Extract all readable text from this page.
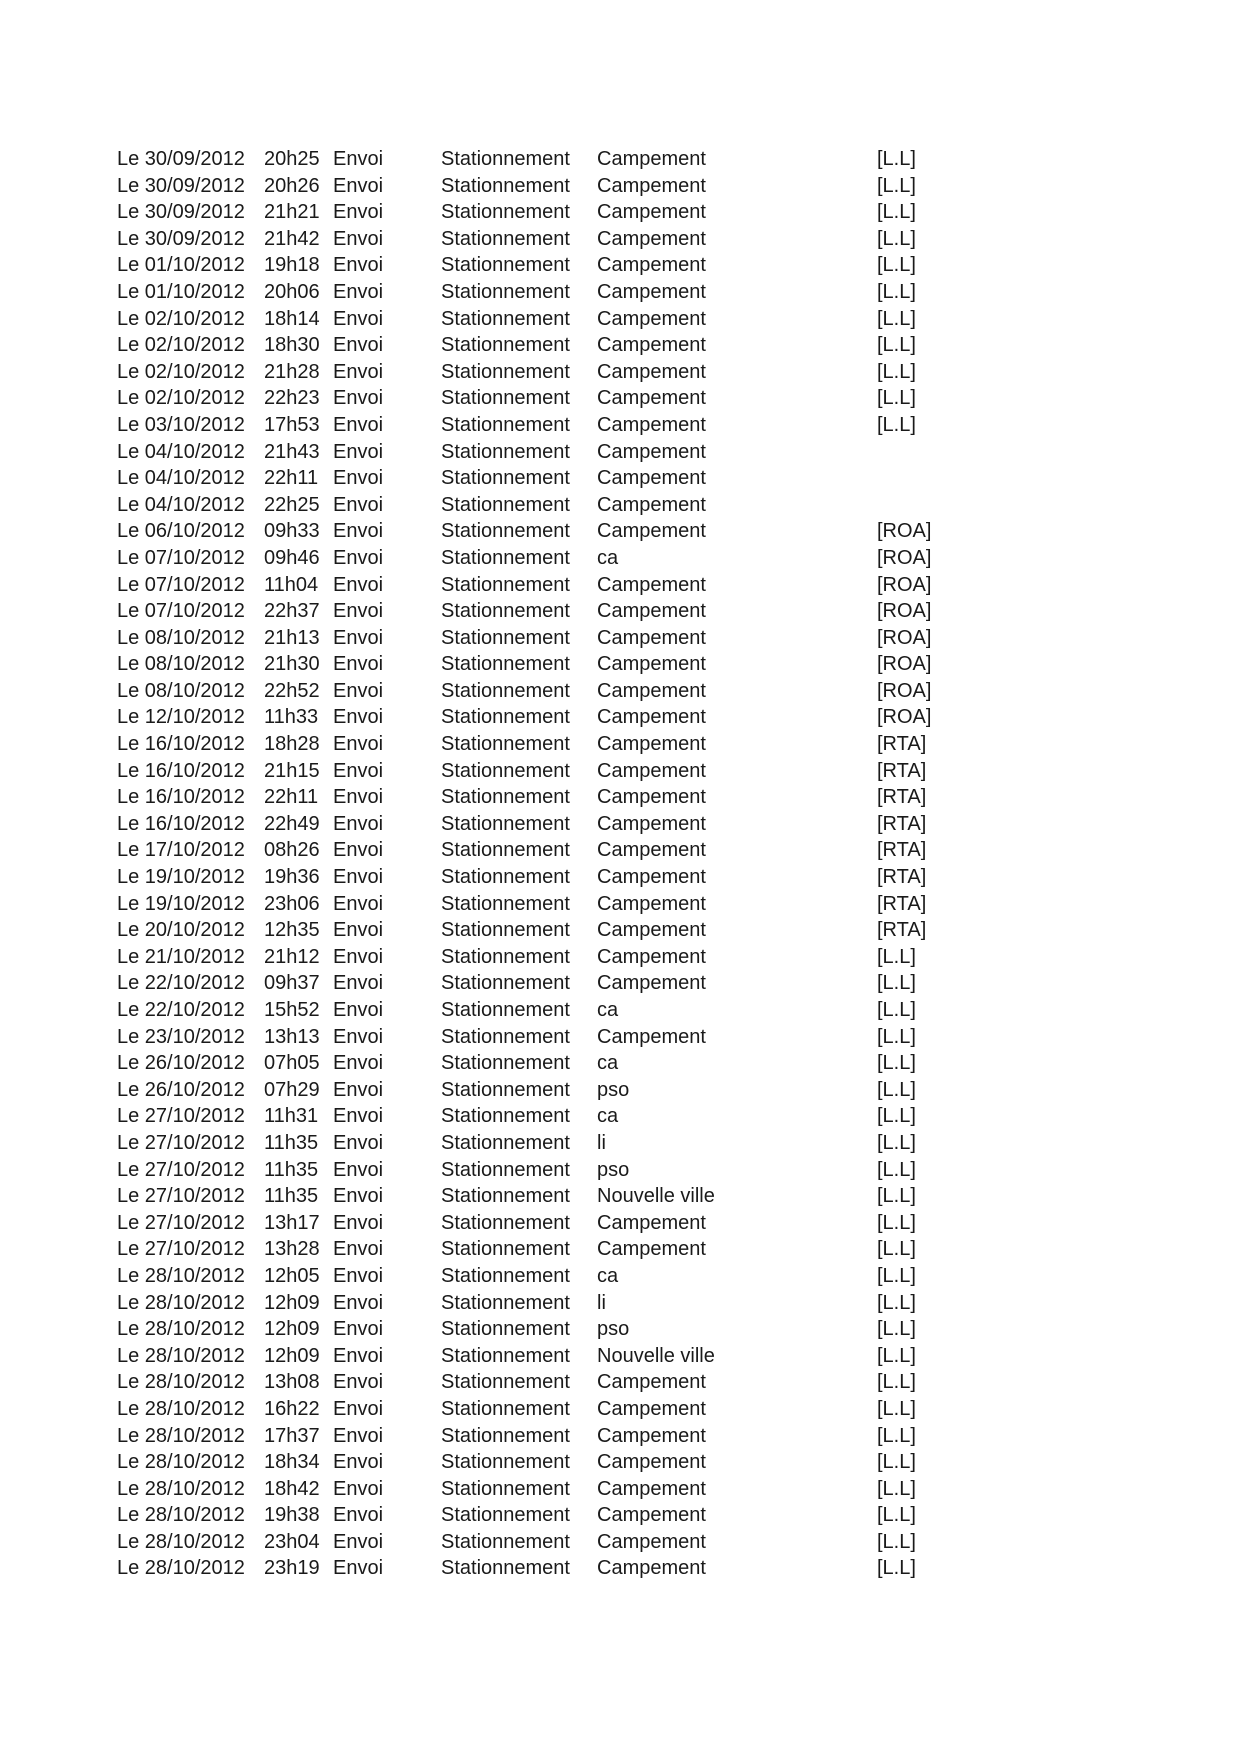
Le 30/09/2012 20h25 Envoi	Stationnement Campement	[L.L]
Le 30/09/2012 20h26 Envoi	Stationnement Campement	[L.L]
Le 30/09/2012 21h21 Envoi	Stationnement Campement	[L.L]
Le 30/09/2012 21h42 Envoi	Stationnement Campement	[L.L]
Le 01/10/2012 19h18 Envoi	Stationnement Campement	[L.L]
Le 01/10/2012 20h06 Envoi	Stationnement Campement	[L.L]
Le 02/10/2012 18h14 Envoi	Stationnement Campement	[L.L]
Le 02/10/2012 18h30 Envoi	Stationnement Campement	[L.L]
Le 02/10/2012 21h28 Envoi	Stationnement Campement	[L.L]
Le 02/10/2012 22h23 Envoi	Stationnement Campement	[L.L]
Le 03/10/2012 17h53 Envoi	Stationnement Campement	[L.L]
Le 04/10/2012 21h43 Envoi	Stationnement Campement
Le 04/10/2012 22h11 Envoi	Stationnement Campement
Le 04/10/2012 22h25 Envoi	Stationnement Campement
Le 06/10/2012 09h33 Envoi	Stationnement Campement	[ROA]
Le 07/10/2012 09h46 Envoi	Stationnement ca	[ROA]
Le 07/10/2012 11h04 Envoi	Stationnement Campement	[ROA]
Le 07/10/2012 22h37 Envoi	Stationnement Campement	[ROA]
Le 08/10/2012 21h13 Envoi	Stationnement Campement	[ROA]
Le 08/10/2012 21h30 Envoi	Stationnement Campement	[ROA]
Le 08/10/2012 22h52 Envoi	Stationnement Campement	[ROA]
Le 12/10/2012 11h33 Envoi	Stationnement Campement	[ROA]
Le 16/10/2012 18h28 Envoi	Stationnement Campement	[RTA]
Le 16/10/2012 21h15 Envoi	Stationnement Campement	[RTA]
Le 16/10/2012 22h11 Envoi	Stationnement Campement	[RTA]
Le 16/10/2012 22h49 Envoi	Stationnement Campement	[RTA]
Le 17/10/2012 08h26 Envoi	Stationnement Campement	[RTA]
Le 19/10/2012 19h36 Envoi	Stationnement Campement	[RTA]
Le 19/10/2012 23h06 Envoi	Stationnement Campement	[RTA]
Le 20/10/2012 12h35 Envoi	Stationnement Campement	[RTA]
Le 21/10/2012 21h12 Envoi	Stationnement Campement	[L.L]
Le 22/10/2012 09h37 Envoi	Stationnement Campement	[L.L]
Le 22/10/2012 15h52 Envoi	Stationnement ca	[L.L]
Le 23/10/2012 13h13 Envoi	Stationnement Campement	[L.L]
Le 26/10/2012 07h05 Envoi	Stationnement ca	[L.L]
Le 26/10/2012 07h29 Envoi	Stationnement pso	[L.L]
Le 27/10/2012 11h31 Envoi	Stationnement ca	[L.L]
Le 27/10/2012 11h35 Envoi	Stationnement li	[L.L]
Le 27/10/2012 11h35 Envoi	Stationnement pso	[L.L]
Le 27/10/2012 11h35 Envoi	Stationnement Nouvelle ville	[L.L]
Le 27/10/2012 13h17 Envoi	Stationnement Campement	[L.L]
Le 27/10/2012 13h28 Envoi	Stationnement Campement	[L.L]
Le 28/10/2012 12h05 Envoi	Stationnement ca	[L.L]
Le 28/10/2012 12h09 Envoi	Stationnement li	[L.L]
Le 28/10/2012 12h09 Envoi	Stationnement pso	[L.L]
Le 28/10/2012 12h09 Envoi	Stationnement Nouvelle ville	[L.L]
Le 28/10/2012 13h08 Envoi	Stationnement Campement	[L.L]
Le 28/10/2012 16h22 Envoi	Stationnement Campement	[L.L]
Le 28/10/2012 17h37 Envoi	Stationnement Campement	[L.L]
Le 28/10/2012 18h34 Envoi	Stationnement Campement	[L.L]
Le 28/10/2012 18h42 Envoi	Stationnement Campement	[L.L]
Le 28/10/2012 19h38 Envoi	Stationnement Campement	[L.L]
Le 28/10/2012 23h04 Envoi	Stationnement Campement	[L.L]
Le 28/10/2012 23h19 Envoi	Stationnement Campement	[L.L]
